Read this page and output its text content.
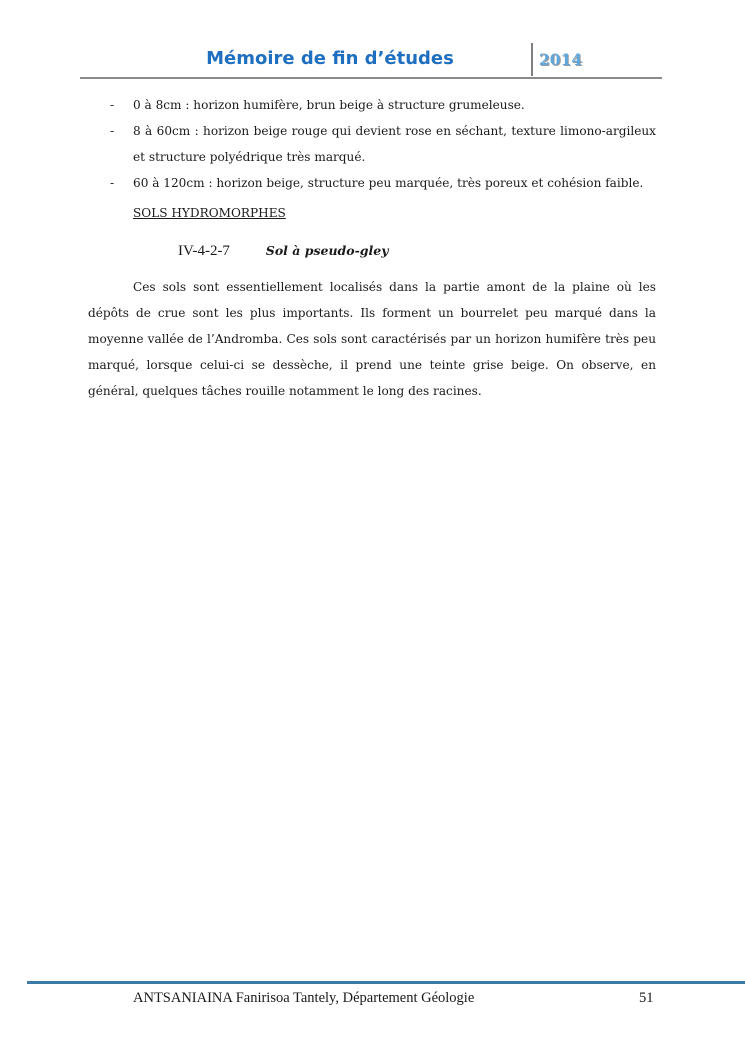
Mémoire de fin d’études	2014
- 0 à 8cm : horizon humifère, brun beige à structure grumeleuse.
- 8 à 60cm : horizon beige rouge qui devient rose en séchant, texture limono-argileux et structure polyédrique très marqué.
- 60 à 120cm : horizon beige, structure peu marquée, très poreux et cohésion faible.
SOLS HYDROMORPHES
IV-4-2-7	Sol à pseudo-gley
Ces sols sont essentiellement localisés dans la partie amont de la plaine où les dépôts de crue sont les plus importants. Ils forment un bourrelet peu marqué dans la moyenne vallée de l’Andromba. Ces sols sont caractérisés par un horizon humifère très peu marqué, lorsque celui-ci se dessèche, il prend une teinte grise beige. On observe, en général, quelques tâches rouille notamment le long des racines.
ANTSANIAINA Fanirisoa Tantely, Département Géologie	51
